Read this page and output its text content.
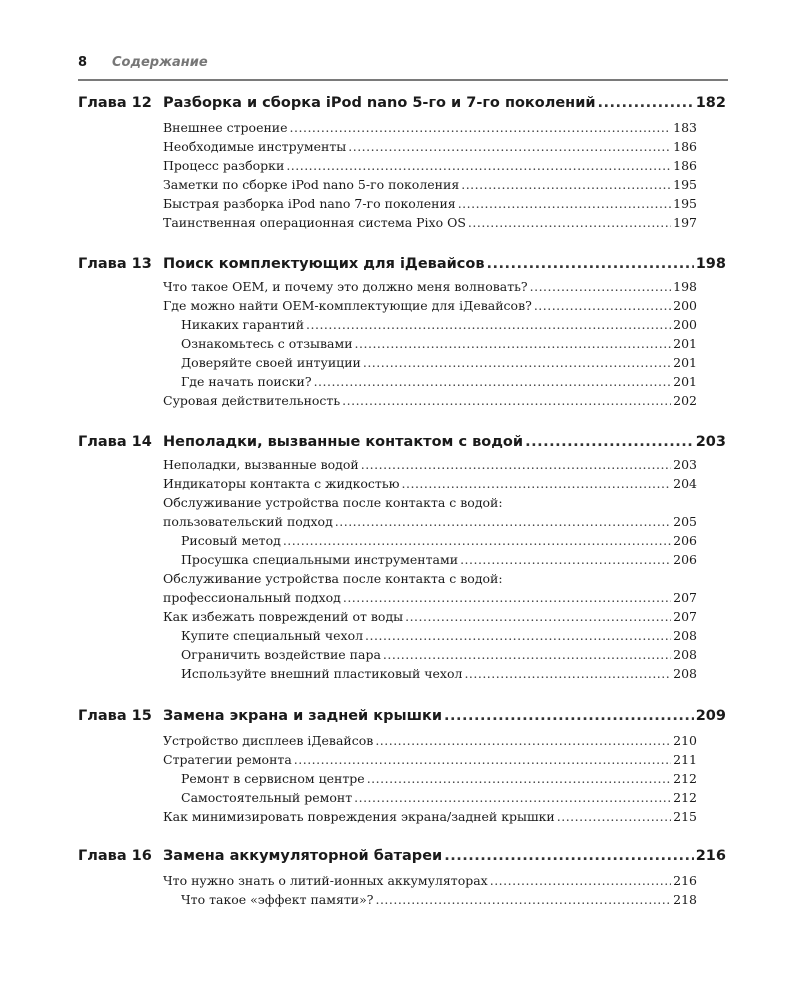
8 Содержание
Глава 12 Разборка и сборка iPod nano 5-го и 7-го поколений .....	182
Внешнее строение .....	183
Необходимые инструменты .....	186
Процесс разборки .....	186
Заметки по сборке iPod nano 5-го поколения .....	195
Быстрая разборка iPod nano 7-го поколения .....	195
Таинственная операционная система Pixo OS .....	197
Глава 13 Поиск комплектующих для iДевайсов .....	198
Что такое OEM, и почему это должно меня волновать? .....	198
Где можно найти OEM-комплектующие для iДевайсов? .....	200
Никаких гарантий .....	200
Ознакомьтесь с отзывами .....	201
Доверяйте своей интуиции .....	201
Где начать поиски? .....	201
Суровая действительность .....	202
Глава 14 Неполадки, вызванные контактом с водой .....	203
Неполадки, вызванные водой .....	203
Индикаторы контакта с жидкостью .....	204
Обслуживание устройства после контакта с водой:
пользовательский подход .....	205
Рисовый метод .....	206
Просушка специальными инструментами .....	206
Обслуживание устройства после контакта с водой:
профессиональный подход .....	207
Как избежать повреждений от воды .....	207
Купите специальный чехол .....	208
Ограничить воздействие пара .....	208
Используйте внешний пластиковый чехол .....	208
Глава 15 Замена экрана и задней крышки .....	209
Устройство дисплеев iДевайсов .....	210
Стратегии ремонта .....	211
Ремонт в сервисном центре .....	212
Самостоятельный ремонт .....	212
Как минимизировать повреждения экрана/задней крышки .....	215
Глава 16 Замена аккумуляторной батареи .....	216
Что нужно знать о литий-ионных аккумуляторах .....	216
Что такое «эффект памяти»? .....	218
